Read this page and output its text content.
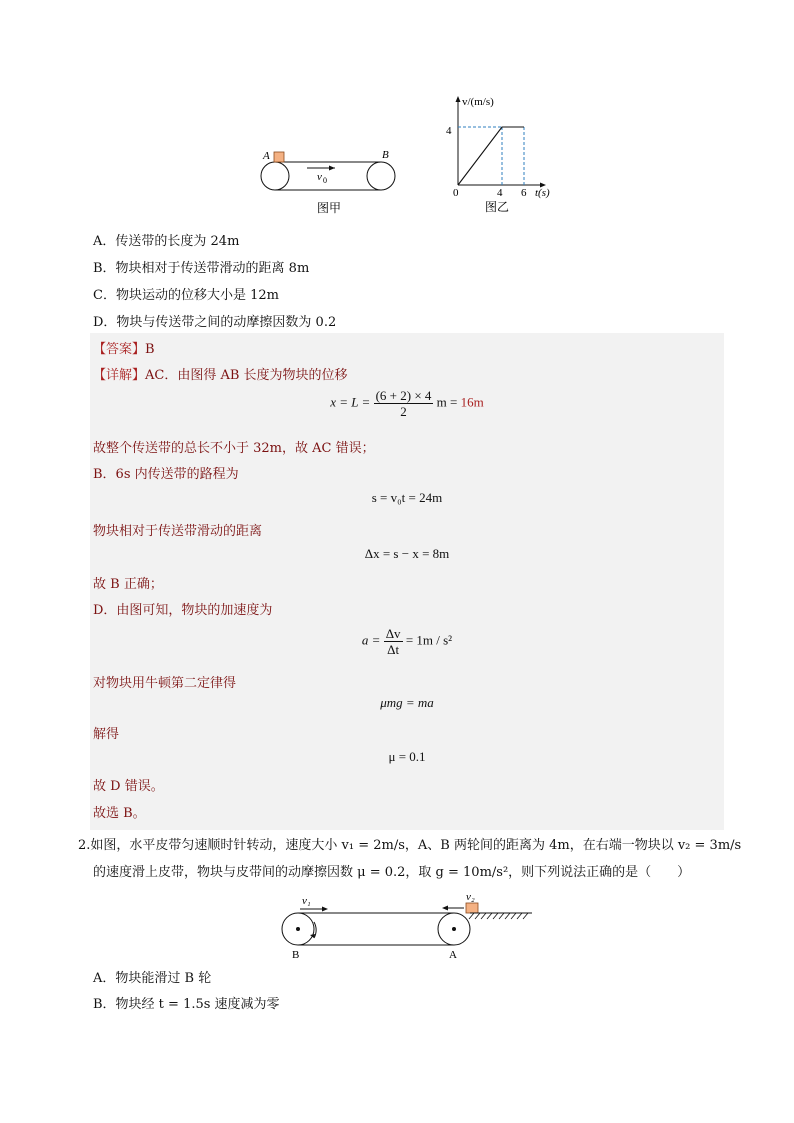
A	B
v 0
图甲
v/(m/s)
4
0	4 6 t(s)
图乙
A．传送带的长度为 24m
B．物块相对于传送带滑动的距离 8m
C．物块运动的位移大小是 12m
D．物块与传送带之间的动摩擦因数为 0.2
【答案】B
【详解】AC．由图得 AB 长度为物块的位移
$x = L = \frac{(6 + 2) \times 4}{2}$ m = 16m
故整个传送带的总长不小于 32m，故 AC 错误；
B．6s 内传送带的路程为
s = v₀t = 24m
物块相对于传送带滑动的距离
Δx = s − x = 8m
故 B 正确；
D．由图可知，物块的加速度为
$a = \frac{\Delta v}{\Delta t} = 1m / s^2$
对物块用牛顿第二定律得
μmg = ma
解得
μ = 0.1
故 D 错误。
故选 B。
2.如图，水平皮带匀速顺时针转动，速度大小 v₁ = 2m/s，A、B 两轮间的距离为 4m，在右端一物块以 v₂ = 3m/s
的速度滑上皮带，物块与皮带间的动摩擦因数 μ = 0.2，取 g = 10m/s²，则下列说法正确的是（　　）
v₁	v₂
B	A
A．物块能滑过 B 轮
B．物块经 t = 1.5s 速度减为零
